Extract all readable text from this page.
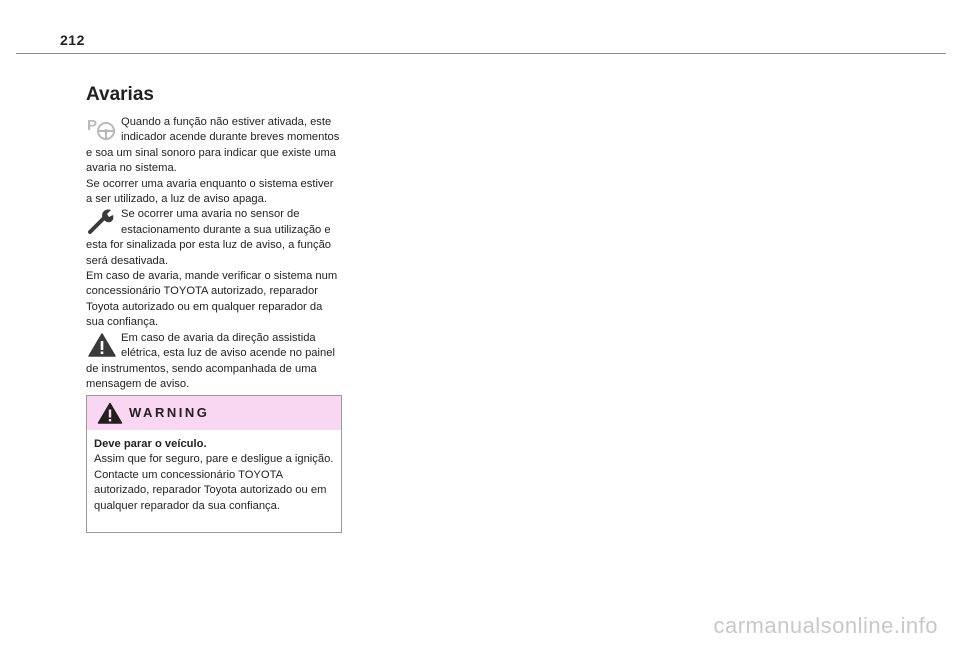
212
Avarias
P	Quando a função não estiver ativada, este indicador acende durante breves momentos e soa um sinal sonoro para indicar que existe uma avaria no sistema.

Se ocorrer uma avaria enquanto o sistema estiver a ser utilizado, a luz de aviso apaga.

Se ocorrer uma avaria no sensor de estacionamento durante a sua utilização e esta for sinalizada por esta luz de aviso, a função será desativada.

Em caso de avaria, mande verificar o sistema num concessionário TOYOTA autorizado, reparador Toyota autorizado ou em qualquer reparador da sua confiança.

Em caso de avaria da direção assistida elétrica, esta luz de aviso acende no painel de instrumentos, sendo acompanhada de uma mensagem de aviso.

WARNING
Deve parar o veículo.
Assim que for seguro, pare e desligue a ignição.
Contacte um concessionário TOYOTA autorizado, reparador Toyota autorizado ou em qualquer reparador da sua confiança.
carmanualsonline.info
